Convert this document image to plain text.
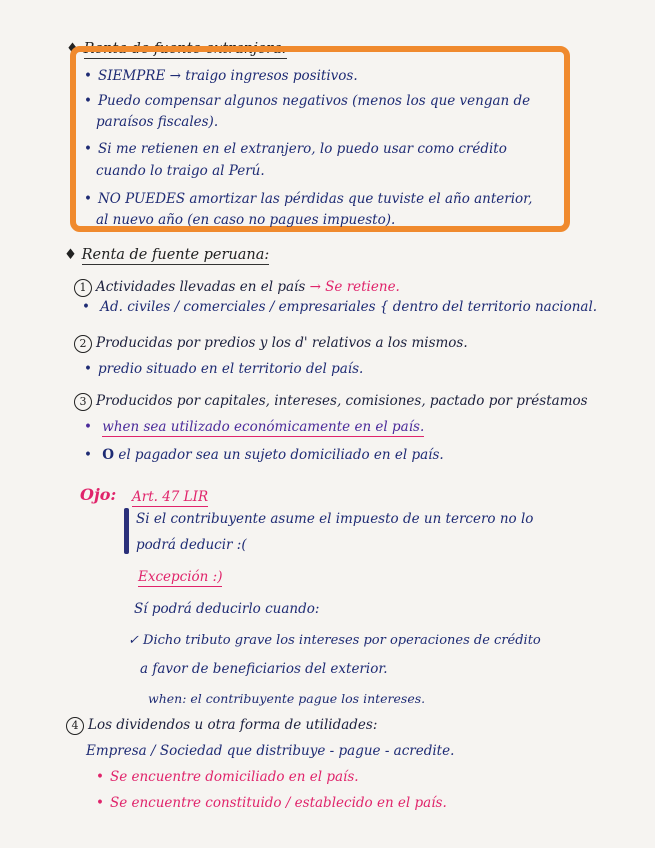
♦ Renta de fuente extranjera:
• SIEMPRE → traigo ingresos positivos.
• Puedo compensar algunos negativos (menos los que vengan de
paraísos fiscales).
• Si me retienen en el extranjero, lo puedo usar como crédito
cuando lo traigo al Perú.
• NO PUEDES amortizar las pérdidas que tuviste el año anterior,
al nuevo año (en caso no pagues impuesto).
♦ Renta de fuente peruana:
1 Actividades llevadas en el país → Se retiene.
• Ad. civiles / comerciales / empresariales { dentro del territorio nacional.
2 Producidas por predios y los d' relativos a los mismos.
• predio situado en el territorio del país.
3 Producidos por capitales, intereses, comisiones, pactado por préstamos
• when sea utilizado económicamente en el país.
• O el pagador sea un sujeto domiciliado en el país.
Ojo: Art. 47 LIR
Si el contribuyente asume el impuesto de un tercero no lo
podrá deducir :(
Excepción :)
Sí podrá deducirlo cuando:
✓ Dicho tributo grave los intereses por operaciones de crédito
a favor de beneficiarios del exterior.
when: el contribuyente pague los intereses.
4 Los dividendos u otra forma de utilidades:
Empresa / Sociedad que distribuye - pague - acredite.
• Se encuentre domiciliado en el país.
• Se encuentre constituido / establecido en el país.
